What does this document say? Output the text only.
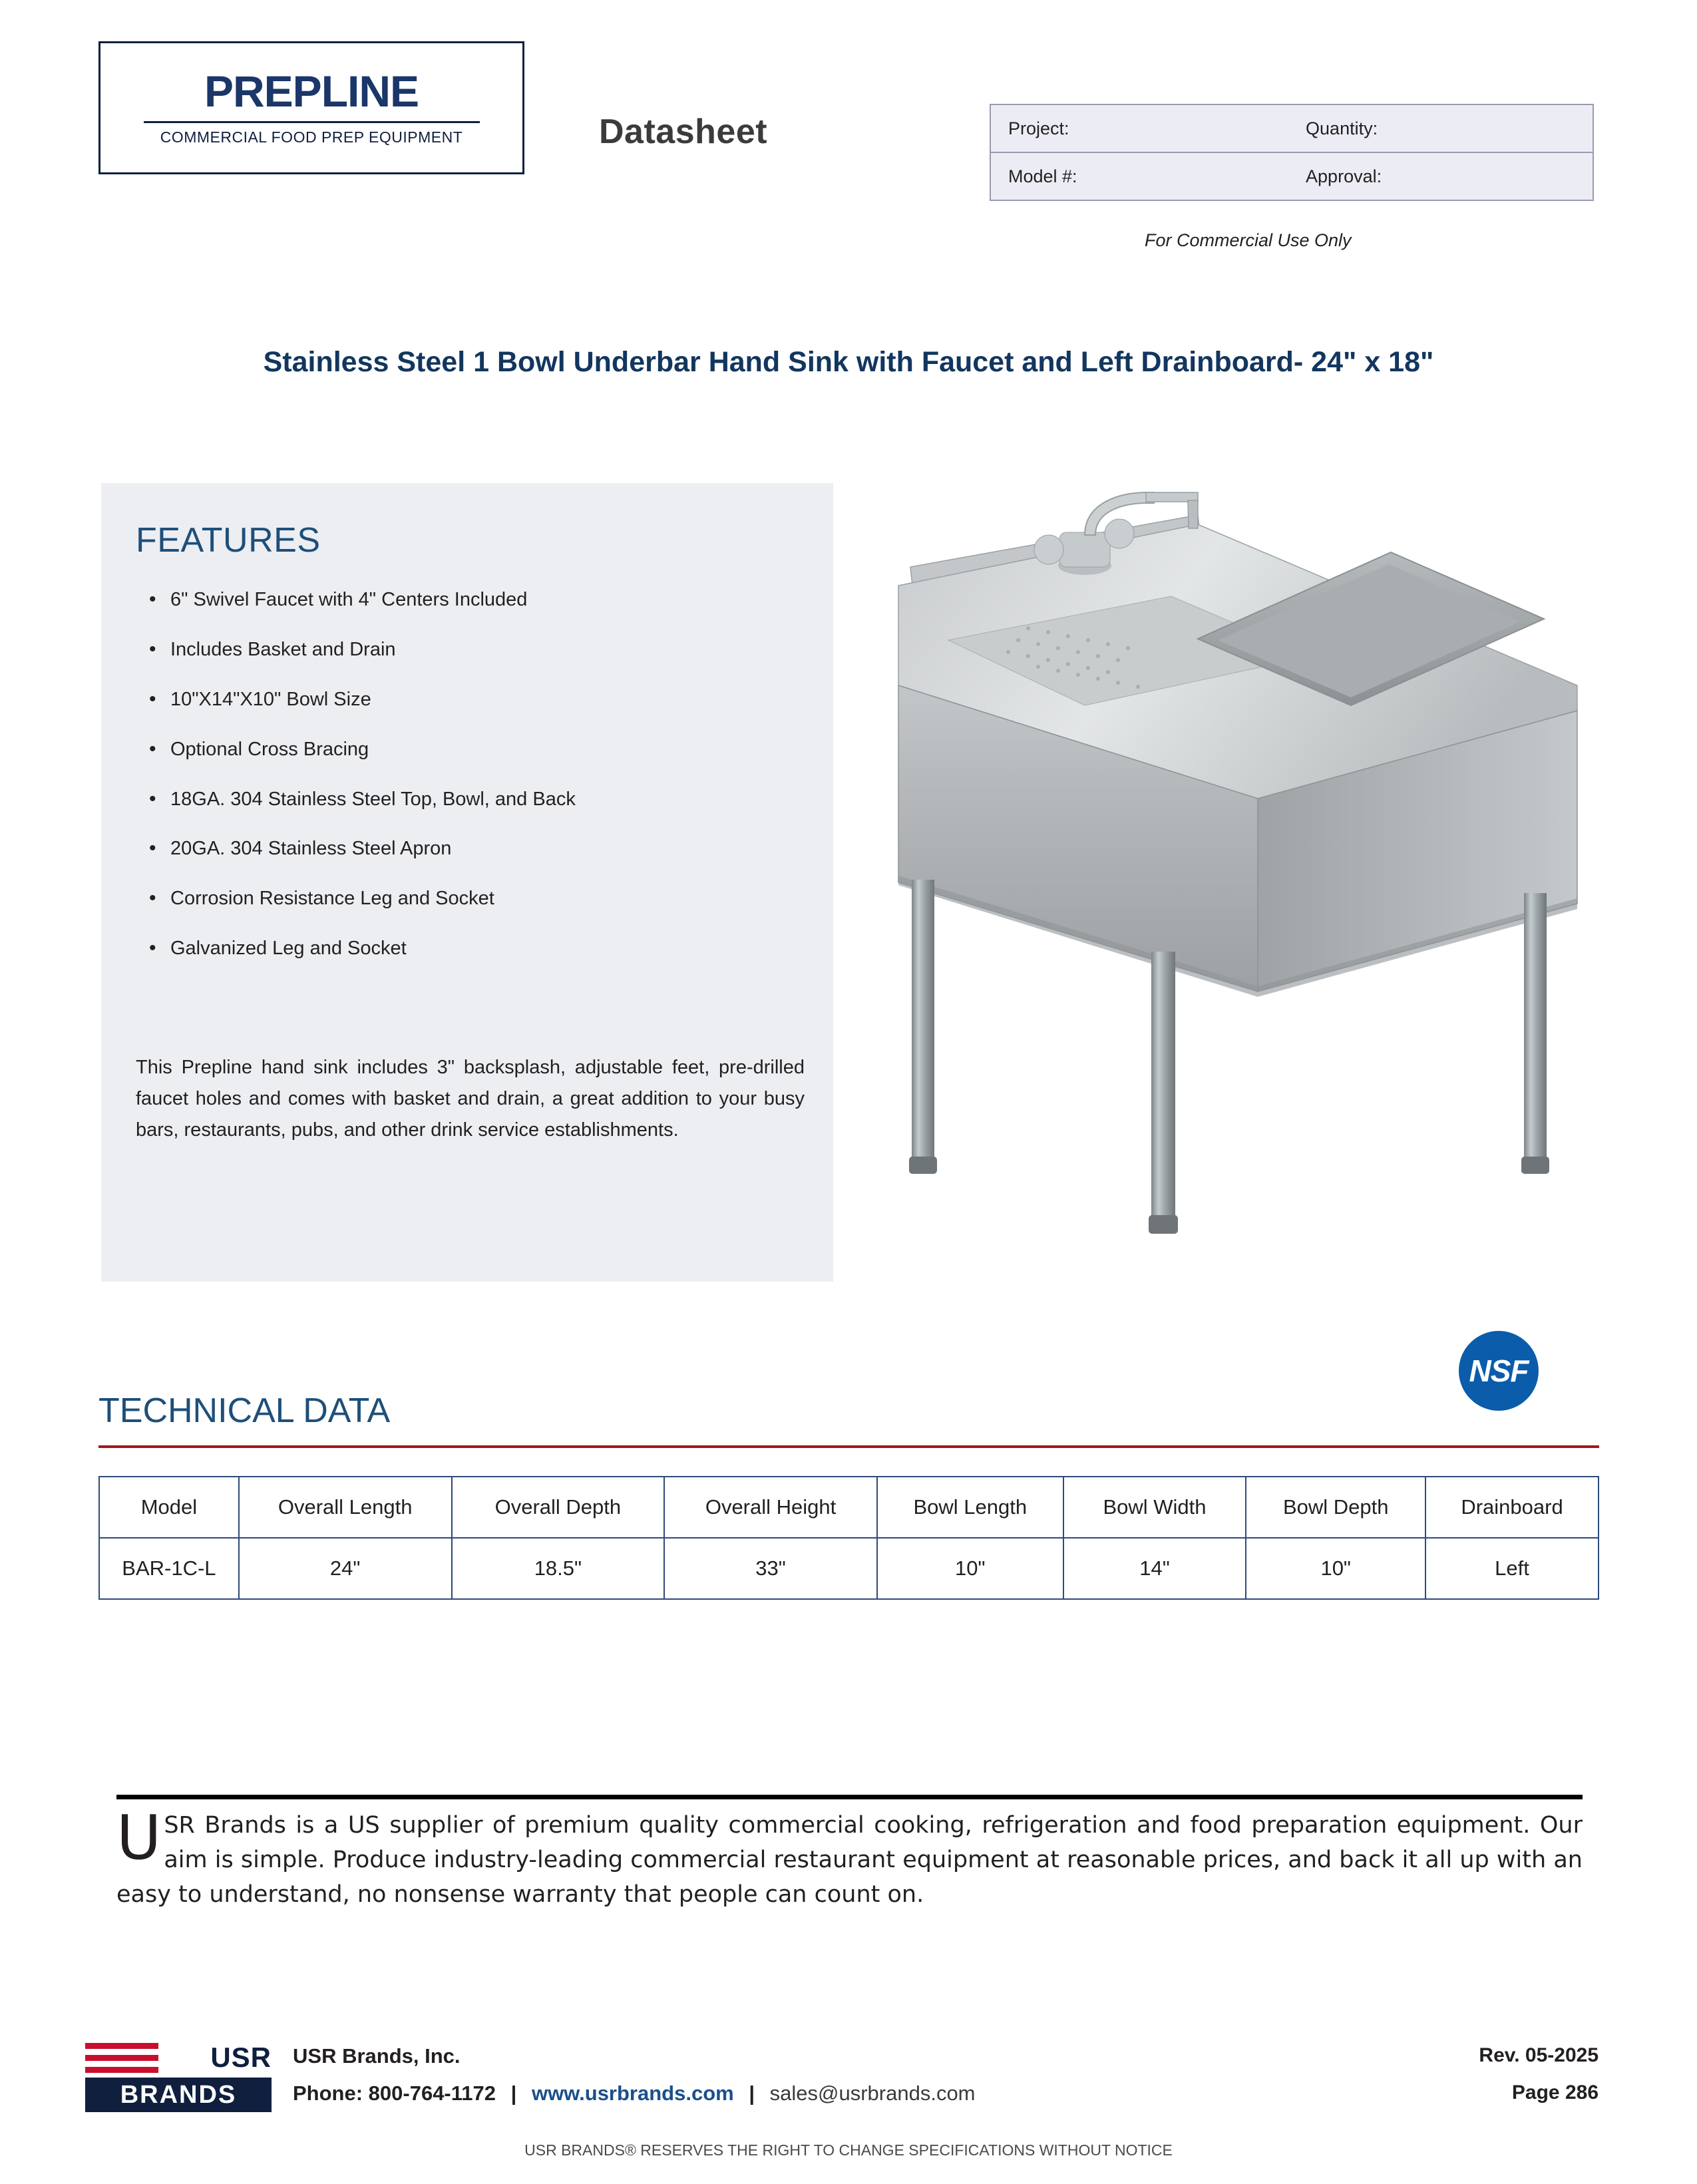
PREPLINE
COMMERCIAL FOOD PREP EQUIPMENT	Datasheet	Project:	Quantity:
Model #:	Approval:
For Commercial Use Only
Stainless Steel 1 Bowl Underbar Hand Sink with Faucet and Left Drainboard- 24" x 18"
FEATURES
• 6" Swivel Faucet with 4" Centers Included
• Includes Basket and Drain
• 10"X14"X10" Bowl Size
• Optional Cross Bracing
• 18GA. 304 Stainless Steel Top, Bowl, and Back
• 20GA. 304 Stainless Steel Apron
• Corrosion Resistance Leg and Socket
• Galvanized Leg and Socket
This Prepline hand sink includes 3" backsplash, adjustable feet, pre-drilled faucet holes and comes with basket and drain, a great addition to your busy bars, restaurants, pubs, and other drink service establishments.
NSF
TECHNICAL DATA
Model	Overall Length	Overall Depth	Overall Height	Bowl Length	Bowl Width	Bowl Depth	Drainboard
BAR-1C-L	24"	18.5"	33"	10"	14"	10"	Left
USR Brands is a US supplier of premium quality commercial cooking, refrigeration and food preparation equipment. Our aim is simple. Produce industry-leading commercial restaurant equipment at reasonable prices, and back it all up with an easy to understand, no nonsense warranty that people can count on.
USR
BRANDS
USR Brands, Inc.
Phone: 800-764-1172 | www.usrbrands.com | sales@usrbrands.com
Rev. 05-2025
Page 286
USR BRANDS® RESERVES THE RIGHT TO CHANGE SPECIFICATIONS WITHOUT NOTICE
